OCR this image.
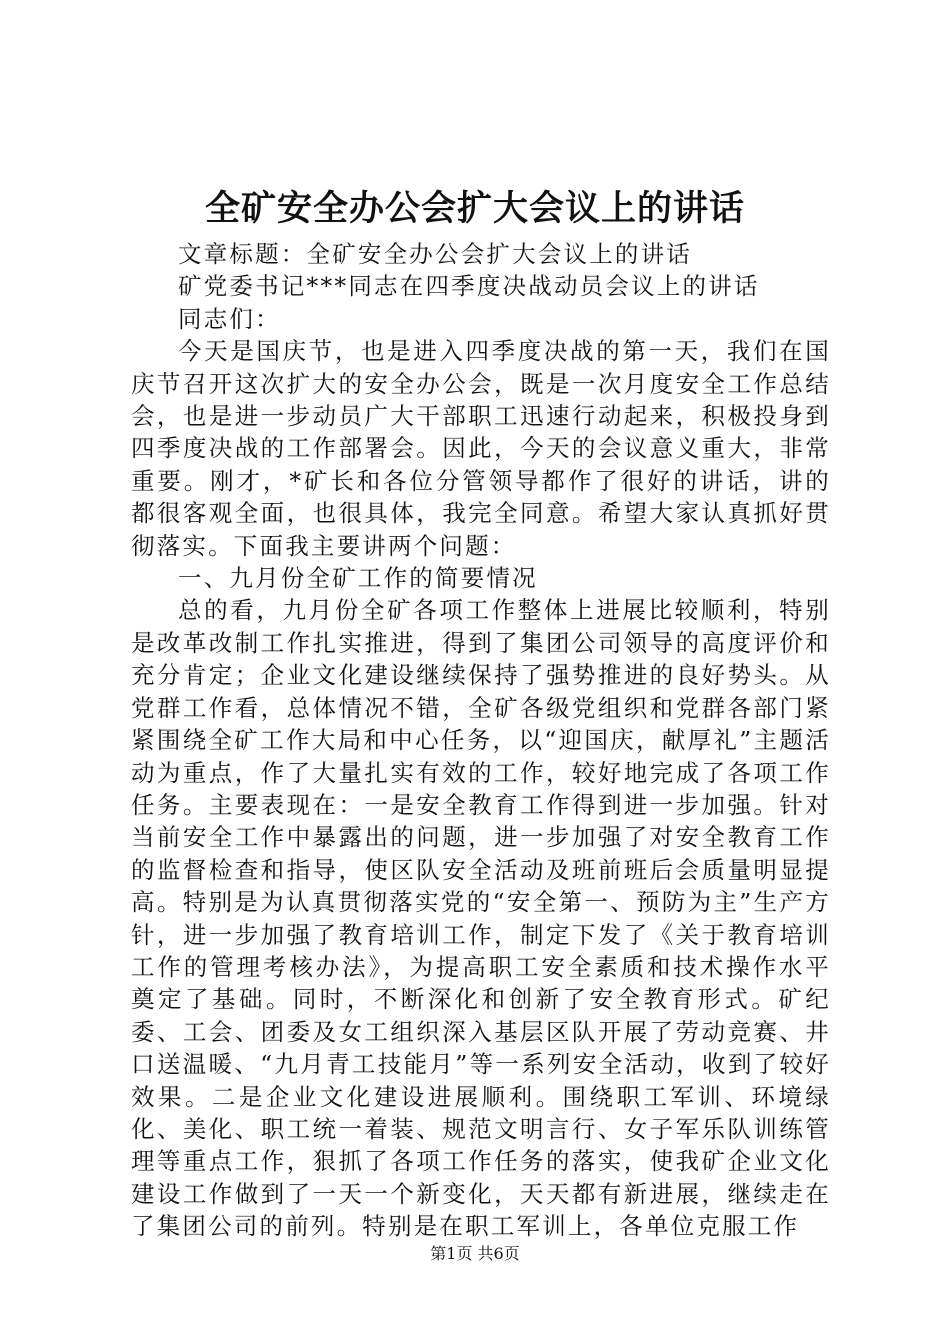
全矿安全办公会扩大会议上的讲话

文章标题：全矿安全办公会扩大会议上的讲话

矿党委书记***同志在四季度决战动员会议上的讲话

同志们：

今天是国庆节，也是进入四季度决战的第一天，我们在国庆节召开这次扩大的安全办公会，既是一次月度安全工作总结会，也是进一步动员广大干部职工迅速行动起来，积极投身到四季度决战的工作部署会。因此，今天的会议意义重大，非常重要。刚才，*矿长和各位分管领导都作了很好的讲话，讲的都很客观全面，也很具体，我完全同意。希望大家认真抓好贯彻落实。下面我主要讲两个问题：

一、九月份全矿工作的简要情况

总的看，九月份全矿各项工作整体上进展比较顺利，特别是改革改制工作扎实推进，得到了集团公司领导的高度评价和充分肯定；企业文化建设继续保持了强势推进的良好势头。从党群工作看，总体情况不错，全矿各级党组织和党群各部门紧紧围绕全矿工作大局和中心任务，以“迎国庆，献厚礼”主题活动为重点，作了大量扎实有效的工作，较好地完成了各项工作任务。主要表现在：一是安全教育工作得到进一步加强。针对当前安全工作中暴露出的问题，进一步加强了对安全教育工作的监督检查和指导，使区队安全活动及班前班后会质量明显提高。特别是为认真贯彻落实党的“安全第一、预防为主”生产方针，进一步加强了教育培训工作，制定下发了《关于教育培训工作的管理考核办法》，为提高职工安全素质和技术操作水平奠定了基础。同时，不断深化和创新了安全教育形式。矿纪委、工会、团委及女工组织深入基层区队开展了劳动竞赛、井口送温暖、“九月青工技能月”等一系列安全活动，收到了较好效果。二是企业文化建设进展顺利。围绕职工军训、环境绿化、美化、职工统一着装、规范文明言行、女子军乐队训练管理等重点工作，狠抓了各项工作任务的落实，使我矿企业文化建设工作做到了一天一个新变化，天天都有新进展，继续走在了集团公司的前列。特别是在职工军训上，各单位克服工作

第1页 共6页
